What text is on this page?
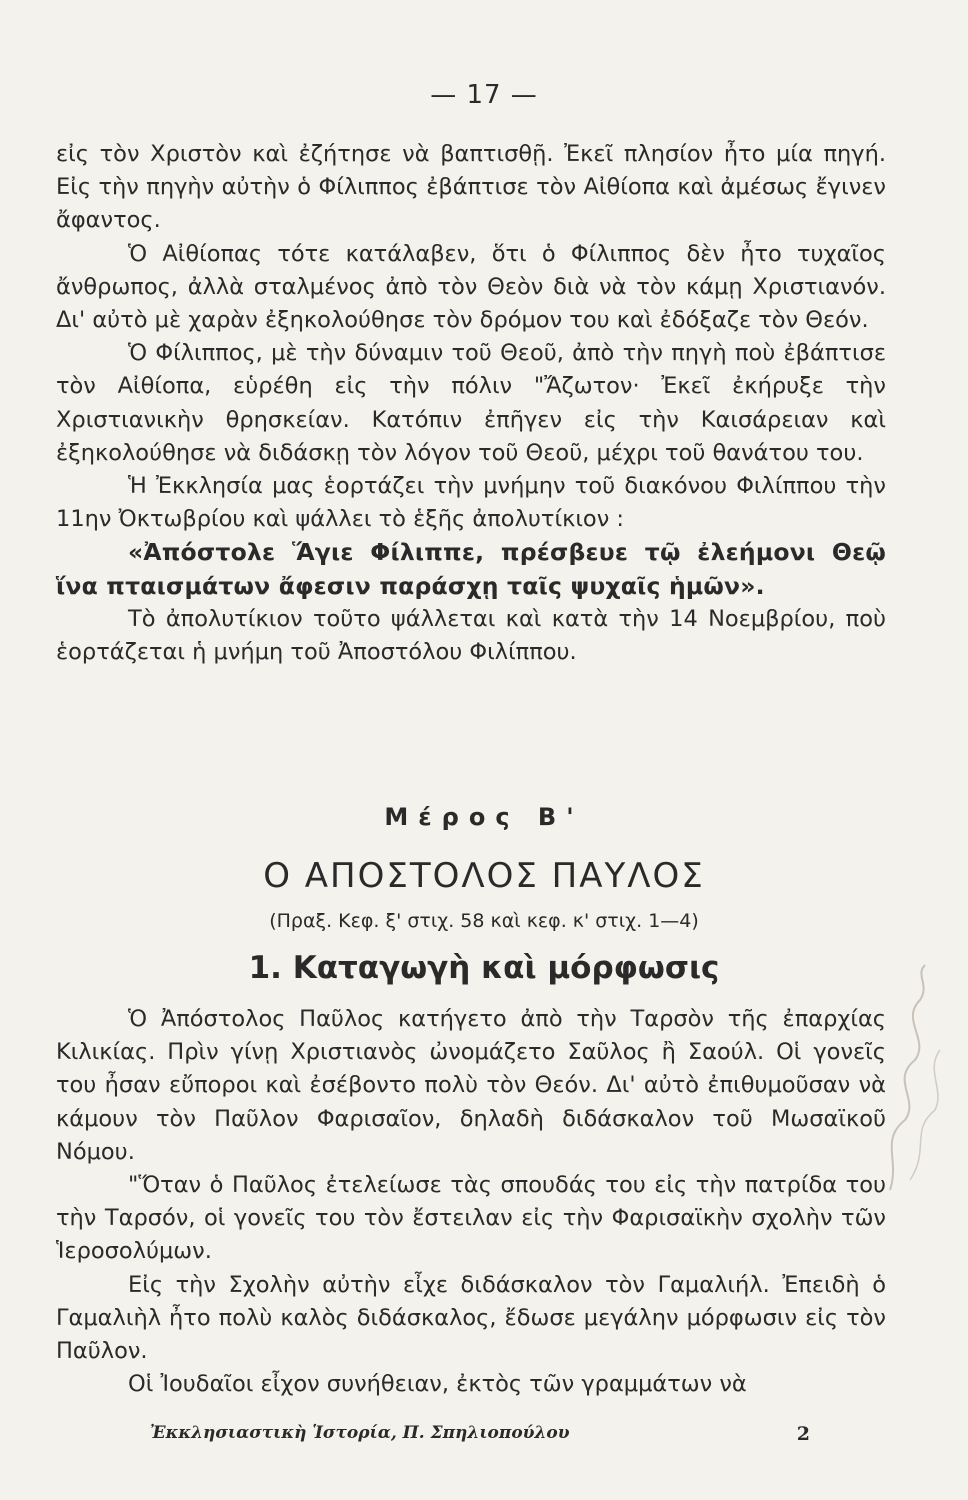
— 17 —

εἰς τὸν Χριστὸν καὶ ἐζήτησε νὰ βαπτισθῇ. Ἐκεῖ πλησίον ἦτο μία πηγή. Εἰς τὴν πηγὴν αὐτὴν ὁ Φίλιππος ἐβάπτισε τὸν Αἰθίοπα καὶ ἀμέσως ἔγινεν ἄφαντος.

Ὁ Αἰθίοπας τότε κατάλαβεν, ὅτι ὁ Φίλιππος δὲν ἦτο τυχαῖος ἄνθρωπος, ἀλλὰ σταλμένος ἀπὸ τὸν Θεὸν διὰ νὰ τὸν κάμῃ Χριστιανόν. Δι' αὐτὸ μὲ χαρὰν ἐξηκολούθησε τὸν δρόμον του καὶ ἐδόξαζε τὸν Θεόν.

Ὁ Φίλιππος, μὲ τὴν δύναμιν τοῦ Θεοῦ, ἀπὸ τὴν πηγὴ ποὺ ἐβάπτισε τὸν Αἰθίοπα, εὑρέθη εἰς τὴν πόλιν "Ἄζωτον· Ἐκεῖ ἐκήρυξε τὴν Χριστιανικὴν θρησκείαν. Κατόπιν ἐπῆγεν εἰς τὴν Καισάρειαν καὶ ἐξηκολούθησε νὰ διδάσκῃ τὸν λόγον τοῦ Θεοῦ, μέχρι τοῦ θανάτου του.

Ἡ Ἐκκλησία μας ἑορτάζει τὴν μνήμην τοῦ διακόνου Φιλίππου τὴν 11ην Ὀκτωβρίου καὶ ψάλλει τὸ ἑξῆς ἀπολυτίκιον :

«Ἀπόστολε Ἅγιε Φίλιππε, πρέσβευε τῷ ἐλεήμονι Θεῷ ἵνα πταισμάτων ἄφεσιν παράσχῃ ταῖς ψυχαῖς ἡμῶν».

Τὸ ἀπολυτίκιον τοῦτο ψάλλεται καὶ κατὰ τὴν 14 Νοεμβρίου, ποὺ ἑορτάζεται ἡ μνήμη τοῦ Ἀποστόλου Φιλίππου.

Μέρος Β'
Ο ΑΠΟΣΤΟΛΟΣ ΠΑΥΛΟΣ
(Πραξ. Κεφ. ξ' στιχ. 58 καὶ κεφ. κ' στιχ. 1—4)
1. Καταγωγὴ καὶ μόρφωσις

Ὁ Ἀπόστολος Παῦλος κατήγετο ἀπὸ τὴν Ταρσὸν τῆς ἐπαρχίας Κιλικίας. Πρὶν γίνῃ Χριστιανὸς ὠνομάζετο Σαῦλος ἢ Σαούλ. Οἱ γονεῖς του ἦσαν εὔποροι καὶ ἐσέβοντο πολὺ τὸν Θεόν. Δι' αὐτὸ ἐπιθυμοῦσαν νὰ κάμουν τὸν Παῦλον Φαρισαῖον, δηλαδὴ διδάσκαλον τοῦ Μωσαϊκοῦ Νόμου.

"Ὅταν ὁ Παῦλος ἐτελείωσε τὰς σπουδάς του εἰς τὴν πατρίδα του τὴν Ταρσόν, οἱ γονεῖς του τὸν ἔστειλαν εἰς τὴν Φαρισαϊκὴν σχολὴν τῶν Ἱεροσολύμων.

Εἰς τὴν Σχολὴν αὐτὴν εἶχε διδάσκαλον τὸν Γαμαλιήλ. Ἐπειδὴ ὁ Γαμαλιὴλ ἦτο πολὺ καλὸς διδάσκαλος, ἔδωσε μεγάλην μόρφωσιν εἰς τὸν Παῦλον.

Οἱ Ἰουδαῖοι εἶχον συνήθειαν, ἐκτὸς τῶν γραμμάτων νὰ

Ἐκκλησιαστικὴ Ἱστορία, Π. Σπηλιοπούλου	2
